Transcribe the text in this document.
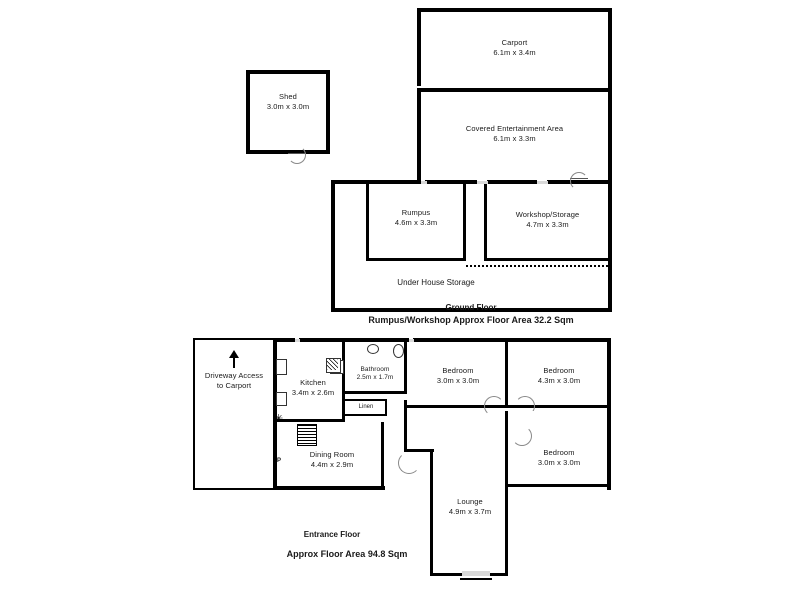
Carport
6.1m x 3.4m
Shed
3.0m x 3.0m
Covered Entertainment Area
6.1m x 3.3m
Rumpus
4.6m x 3.3m
Workshop/Storage
4.7m x 3.3m
Under House Storage
Ground Floor
Rumpus/Workshop Approx Floor Area 32.2 Sqm
Driveway Access
to Carport	Kitchen
3.4m x 2.6m
✳
Bathroom
2.5m x 1.7m
Linen
Dining Room
4.4m x 2.9m
P
Bedroom
3.0m x 3.0m
Bedroom
4.3m x 3.0m
Bedroom
3.0m x 3.0m
Lounge
4.9m x 3.7m
Entrance Floor
Approx Floor Area 94.8 Sqm
